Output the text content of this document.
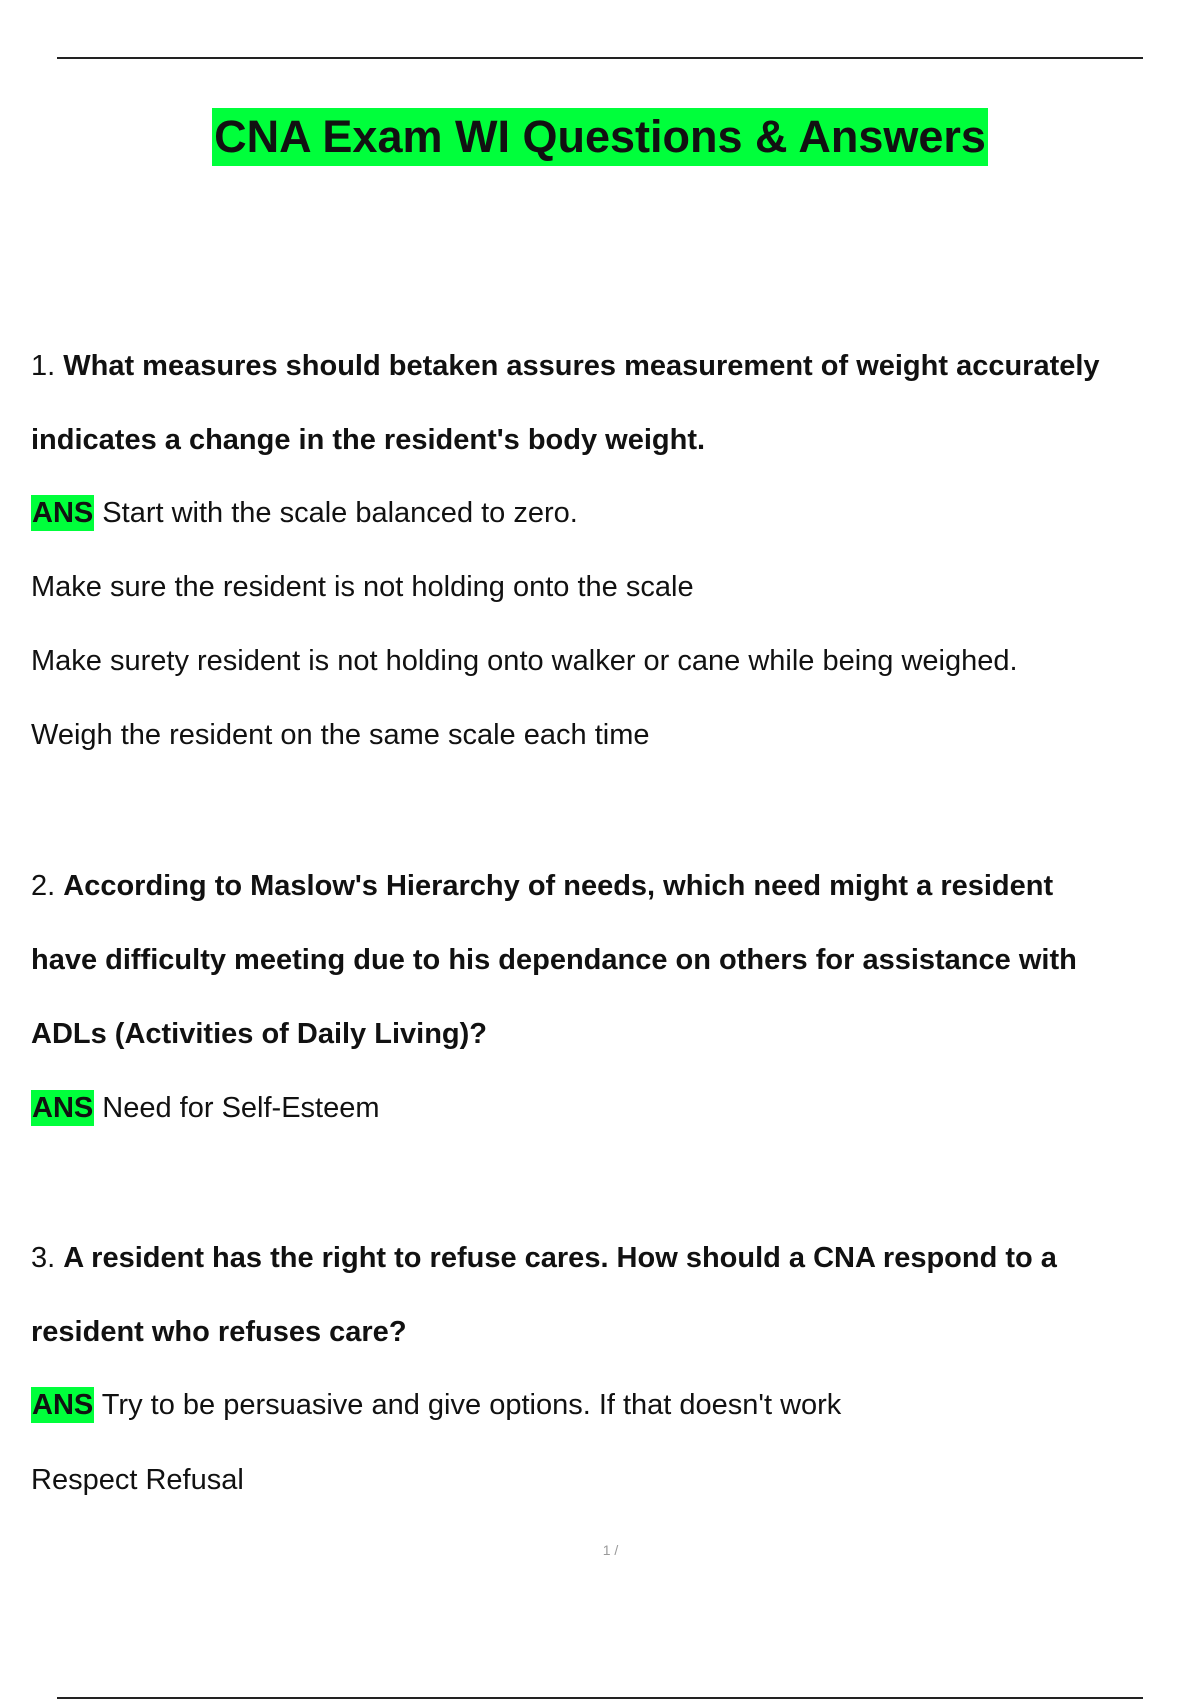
CNA Exam WI Questions & Answers
1. What measures should betaken assures measurement of weight accurately
indicates a change in the resident's body weight.
ANS Start with the scale balanced to zero.
Make sure the resident is not holding onto the scale
Make surety resident is not holding onto walker or cane while being weighed.
Weigh the resident on the same scale each time
2. According to Maslow's Hierarchy of needs, which need might a resident
have difficulty meeting due to his dependance on others for assistance with
ADLs (Activities of Daily Living)?
ANS Need for Self-Esteem
3. A resident has the right to refuse cares. How should a CNA respond to a
resident who refuses care?
ANS Try to be persuasive and give options. If that doesn't work
Respect Refusal
1 /
